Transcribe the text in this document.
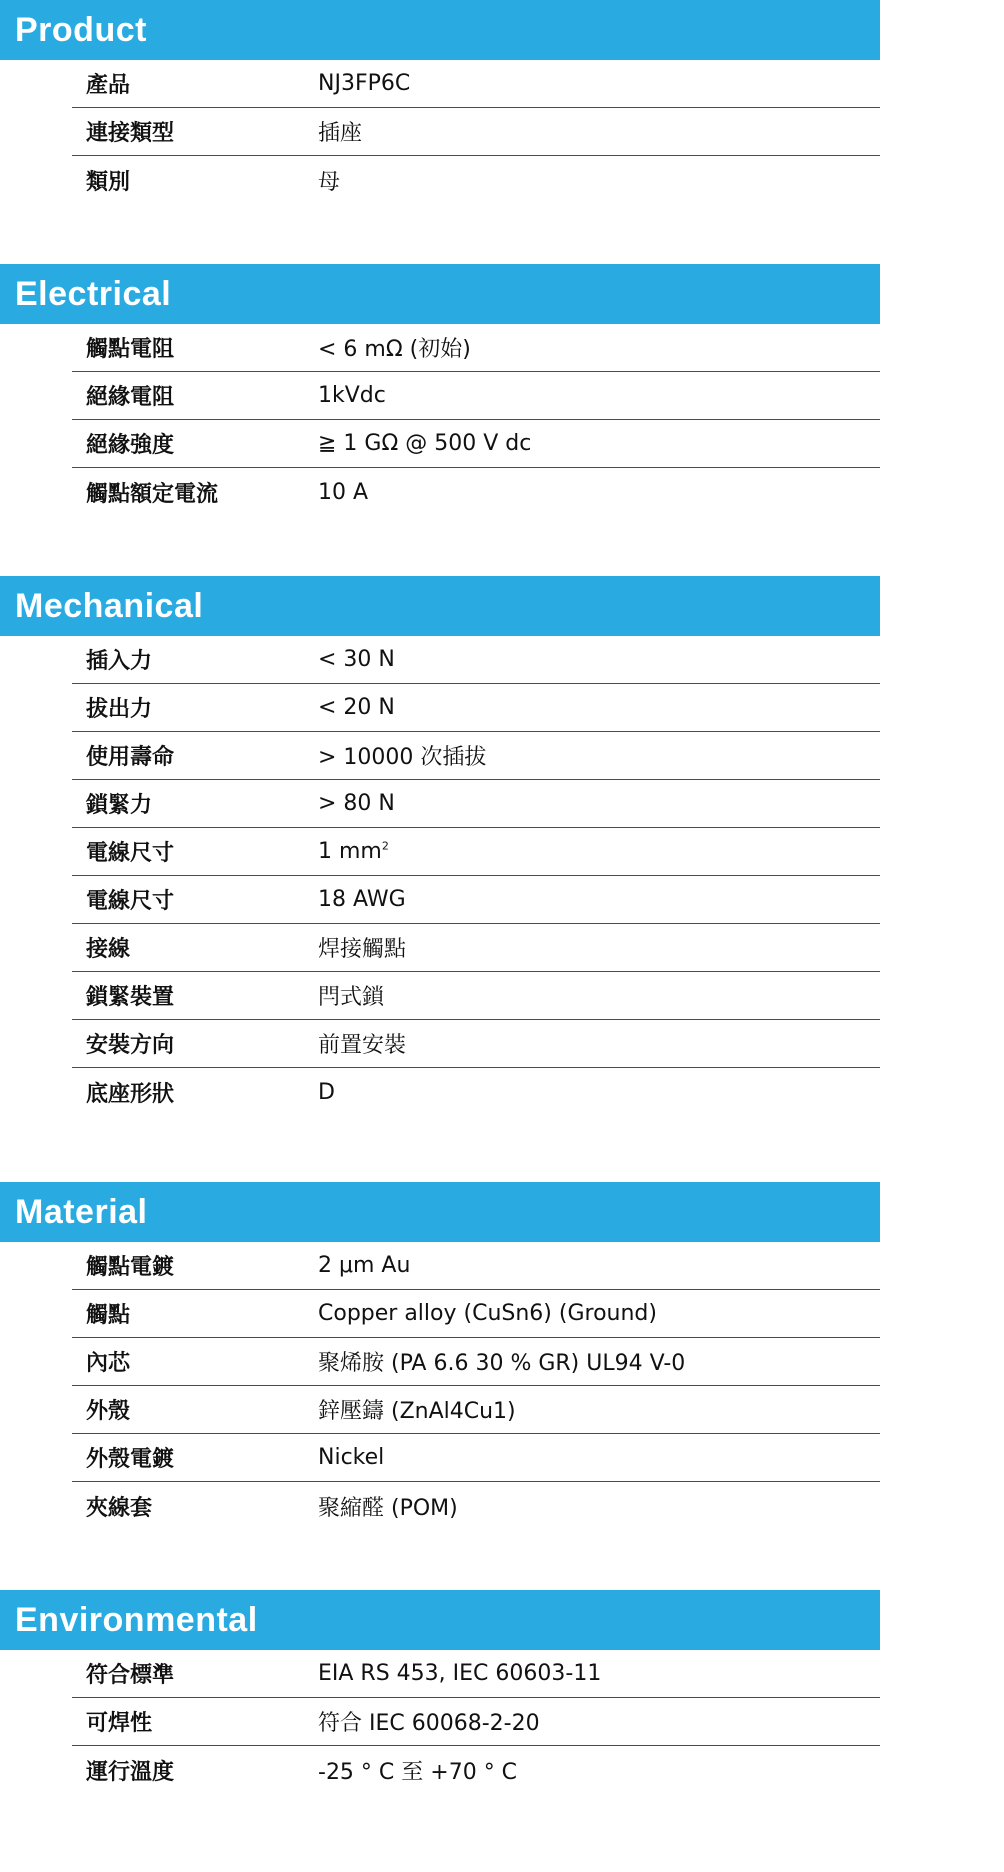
Product
產品	NJ3FP6C
連接類型	插座
類別	母
Electrical
觸點電阻	< 6 mΩ (初始)
絕緣電阻	1kVdc
絕緣強度	≧ 1 GΩ @ 500 V dc
觸點額定電流	10 A
Mechanical
插入力	< 30 N
拔出力	< 20 N
使用壽命	> 10000 次插拔
鎖緊力	> 80 N
電線尺寸	1 $mm^2$
電線尺寸	18 AWG
接線	焊接觸點
鎖緊裝置	閂式鎖
安裝方向	前置安裝
底座形狀	D
Material
觸點電鍍	2 μm Au
觸點	Copper alloy (CuSn6) (Ground)
內芯	聚烯胺 (PA 6.6 30 % GR) UL94 V-0
外殼	鋅壓鑄 (ZnAl4Cu1)
外殼電鍍	Nickel
夾線套	聚縮醛 (POM)
Environmental
符合標準	EIA RS 453, IEC 60603-11
可焊性	符合 IEC 60068-2-20
運行溫度	-25 ° C 至 +70 ° C
